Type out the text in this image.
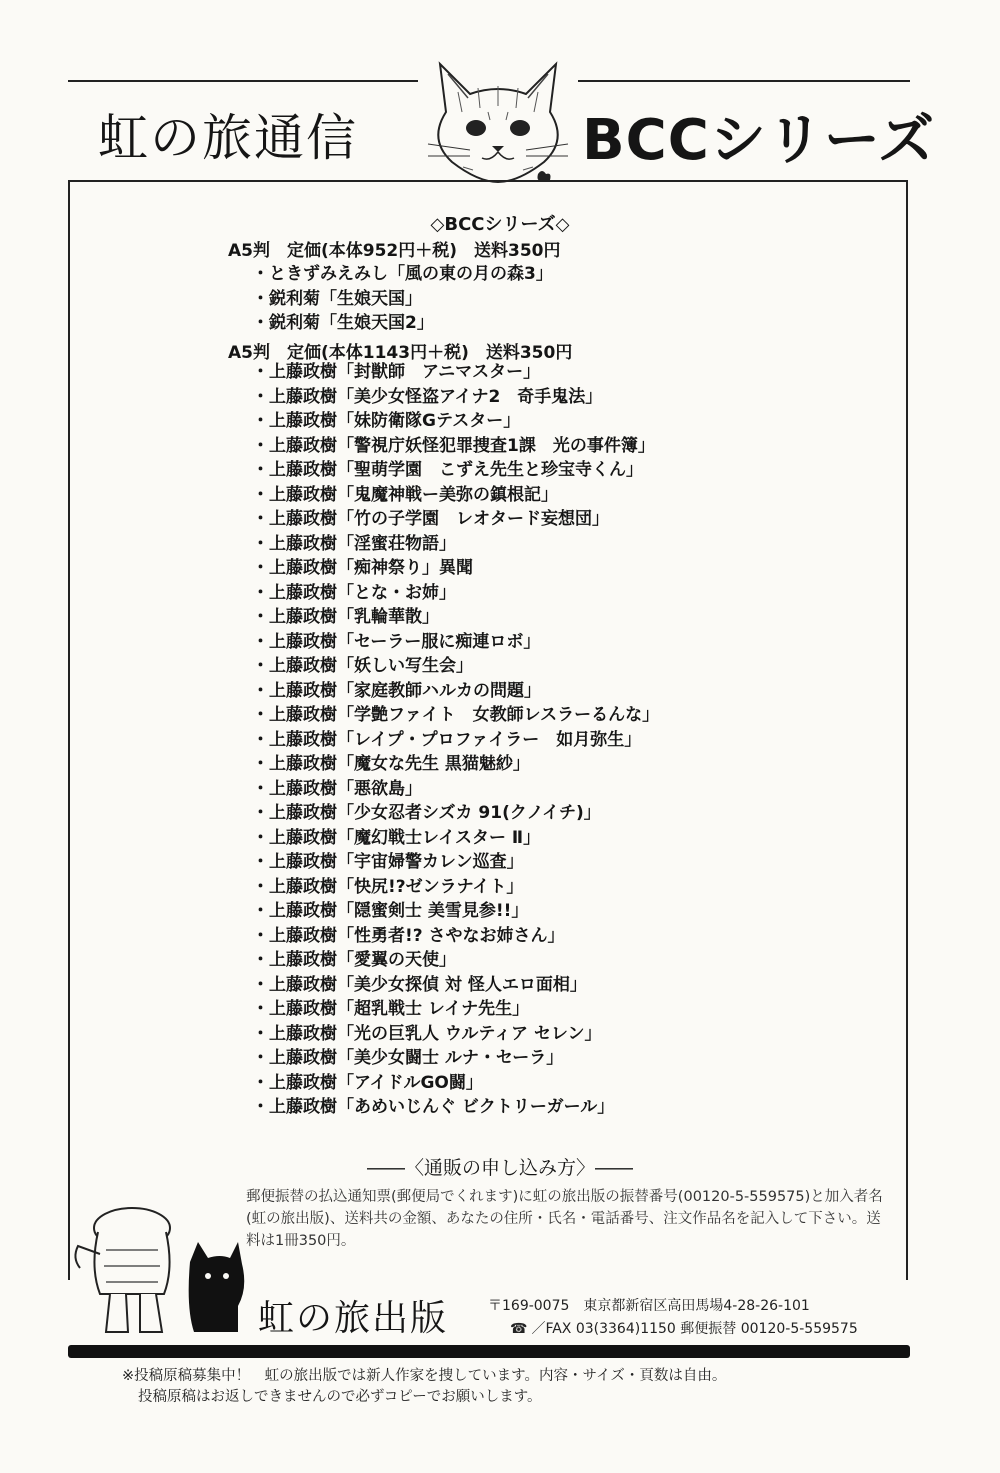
虹の旅通信	BCCシリーズ
◇BCCシリーズ◇
A5判　定価(本体952円＋税)　送料350円
・ときずみえみし「風の東の月の森3」
・鋭利菊「生娘天国」
・鋭利菊「生娘天国2」
A5判　定価(本体1143円＋税)　送料350円
・上藤政樹「封獣師　アニマスター」
・上藤政樹「美少女怪盗アイナ2　奇手鬼法」
・上藤政樹「妹防衛隊Gテスター」
・上藤政樹「警視庁妖怪犯罪捜査1課　光の事件簿」
・上藤政樹「聖萌学園　こずえ先生と珍宝寺くん」
・上藤政樹「鬼魔神戦ー美弥の鎮根記」
・上藤政樹「竹の子学園　レオタード妄想団」
・上藤政樹「淫蜜荘物語」
・上藤政樹「痴神祭り」異聞
・上藤政樹「とな・お姉」
・上藤政樹「乳輪華散」
・上藤政樹「セーラー服に痴連ロボ」
・上藤政樹「妖しい写生会」
・上藤政樹「家庭教師ハルカの問題」
・上藤政樹「学艶ファイト　女教師レスラーるんな」
・上藤政樹「レイプ・プロファイラー　如月弥生」
・上藤政樹「魔女な先生 黒猫魅紗」
・上藤政樹「悪欲島」
・上藤政樹「少女忍者シズカ 91(クノイチ)」
・上藤政樹「魔幻戦士レイスター Ⅱ」
・上藤政樹「宇宙婦警カレン巡査」
・上藤政樹「快尻!?ゼンラナイト」
・上藤政樹「隠蜜剣士 美雪見参!!」
・上藤政樹「性勇者!? さやなお姉さん」
・上藤政樹「愛翼の天使」
・上藤政樹「美少女探偵 対 怪人エロ面相」
・上藤政樹「超乳戦士 レイナ先生」
・上藤政樹「光の巨乳人 ウルティア セレン」
・上藤政樹「美少女闘士 ルナ・セーラ」
・上藤政樹「アイドルGO闘」
・上藤政樹「あめいじんぐ ビクトリーガール」
――〈通販の申し込み方〉――
郵便振替の払込通知票(郵便局でくれます)に虹の旅出版の振替番号(00120-5-559575)と加入者名(虹の旅出版)、送料共の金額、あなたの住所・氏名・電話番号、注文作品名を記入して下さい。送料は1冊350円。
虹の旅出版	〒169-0075　東京都新宿区高田馬場4-28-26-101
☎ ／FAX 03(3364)1150 郵便振替 00120-5-559575
※投稿原稿募集中！　虹の旅出版では新人作家を捜しています。内容・サイズ・頁数は自由。
投稿原稿はお返しできませんので必ずコピーでお願いします。
